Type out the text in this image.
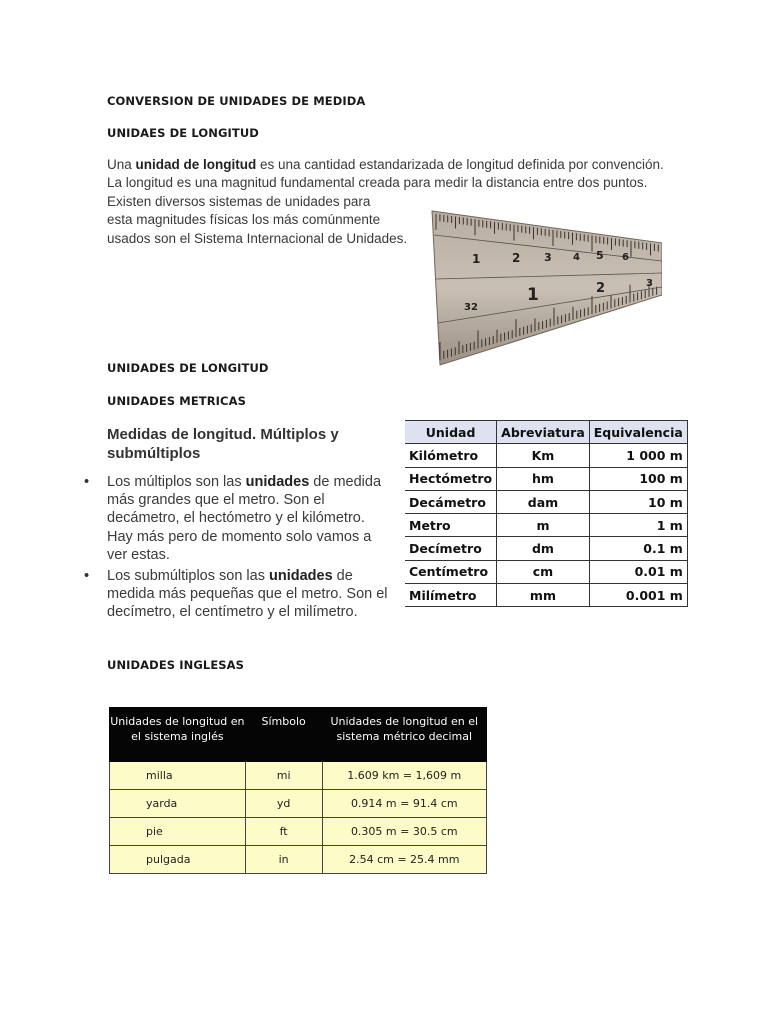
CONVERSION DE UNIDADES DE MEDIDA
UNIDAES DE LONGITUD

Una unidad de longitud es una cantidad estandarizada de longitud definida por convención.

La longitud es una magnitud fundamental creada para medir la distancia entre dos puntos.

Existen diversos sistemas de unidades para

esta magnitudes físicas los más comúnmente

usados son el Sistema Internacional de Unidades.

1	2 3 4 5 6
32
1	2	3
UNIDADES DE LONGITUD
UNIDADES METRICAS
Medidas de longitud. Múltiplos y submúltiplos
• Los múltiplos son las unidades de medida más grandes que el metro. Son el decámetro, el hectómetro y el kilómetro. Hay más pero de momento solo vamos a ver estas.
• Los submúltiplos son las unidades de medida más pequeñas que el metro. Son el decímetro, el centímetro y el milímetro.
Unidad	Abreviatura	Equivalencia
Kilómetro	Km	1 000 m
Hectómetro	hm	100 m
Decámetro	dam	10 m
Metro	m	1 m
Decímetro	dm	0.1 m
Centímetro	cm	0.01 m
Milímetro	mm	0.001 m
UNIDADES INGLESAS
Unidades de longitud en el sistema inglés	Símbolo	Unidades de longitud en el sistema métrico decimal
milla	mi	1.609 km = 1,609 m
yarda	yd	0.914 m = 91.4 cm
pie	ft	0.305 m = 30.5 cm
pulgada	in	2.54 cm = 25.4 mm
